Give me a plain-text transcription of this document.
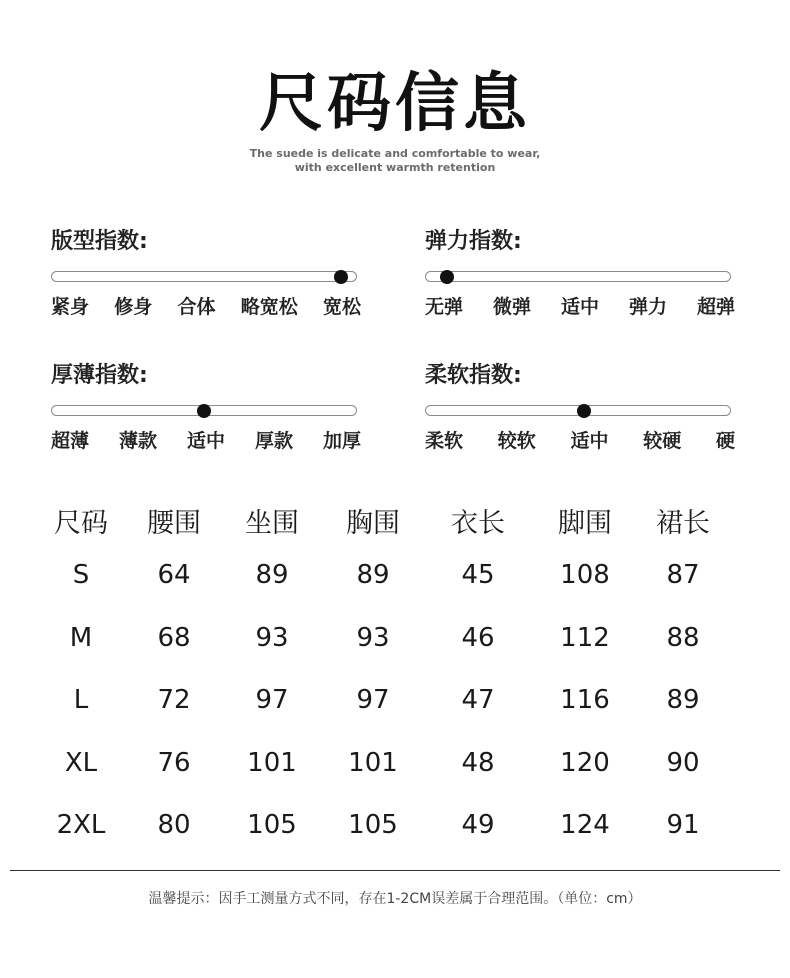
尺码信息
The suede is delicate and comfortable to wear,
with excellent warmth retention
版型指数:
紧身 修身 合体 略宽松 宽松
弹力指数:
无弹 微弹 适中 弹力 超弹
厚薄指数:
超薄 薄款 适中 厚款 加厚
柔软指数:
柔软 较软 适中 较硬 硬
尺码	腰围	坐围	胸围	衣长	脚围	裙长
S	64	89	89	45	108	87
M	68	93	93	46	112	88
L	72	97	97	47	116	89
XL	76	101	101	48	120	90
2XL	80	105	105	49	124	91
温馨提示：因手工测量方式不同，存在1-2CM误差属于合理范围。（单位：cm）
